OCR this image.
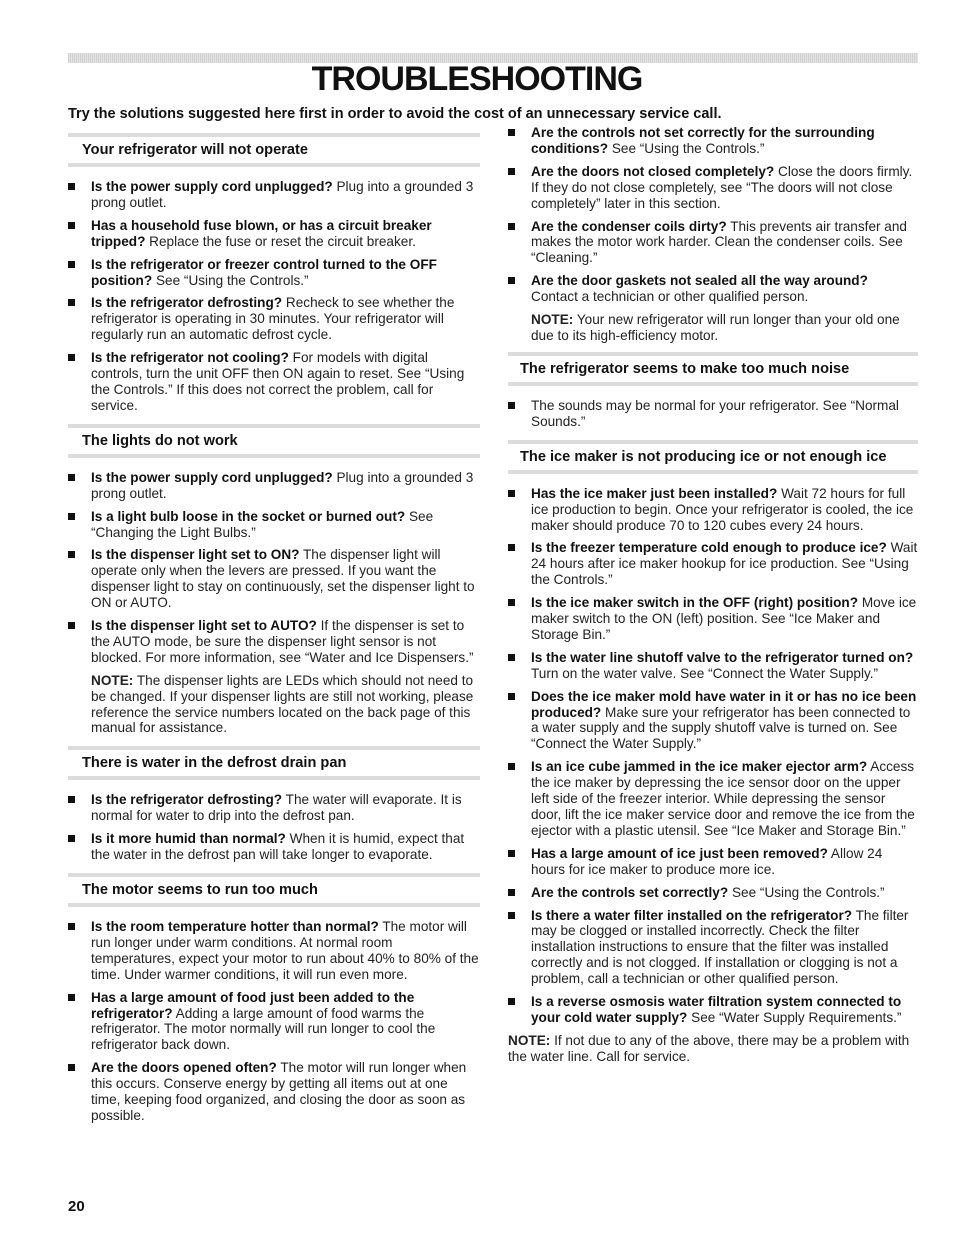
TROUBLESHOOTING

Try the solutions suggested here first in order to avoid the cost of an unnecessary service call.

Your refrigerator will not operate
Is the power supply cord unplugged? Plug into a grounded 3 prong outlet.
Has a household fuse blown, or has a circuit breaker tripped? Replace the fuse or reset the circuit breaker.
Is the refrigerator or freezer control turned to the OFF position? See “Using the Controls.”
Is the refrigerator defrosting? Recheck to see whether the refrigerator is operating in 30 minutes. Your refrigerator will regularly run an automatic defrost cycle.
Is the refrigerator not cooling? For models with digital controls, turn the unit OFF then ON again to reset. See “Using the Controls.” If this does not correct the problem, call for service.
The lights do not work
Is the power supply cord unplugged? Plug into a grounded 3 prong outlet.
Is a light bulb loose in the socket or burned out? See “Changing the Light Bulbs.”
Is the dispenser light set to ON? The dispenser light will operate only when the levers are pressed. If you want the dispenser light to stay on continuously, set the dispenser light to ON or AUTO.
Is the dispenser light set to AUTO? If the dispenser is set to the AUTO mode, be sure the dispenser light sensor is not blocked. For more information, see “Water and Ice Dispensers.”

NOTE: The dispenser lights are LEDs which should not need to be changed. If your dispenser lights are still not working, please reference the service numbers located on the back page of this manual for assistance.

There is water in the defrost drain pan
Is the refrigerator defrosting? The water will evaporate. It is normal for water to drip into the defrost pan.
Is it more humid than normal? When it is humid, expect that the water in the defrost pan will take longer to evaporate.
The motor seems to run too much
Is the room temperature hotter than normal? The motor will run longer under warm conditions. At normal room temperatures, expect your motor to run about 40% to 80% of the time. Under warmer conditions, it will run even more.
Has a large amount of food just been added to the refrigerator? Adding a large amount of food warms the refrigerator. The motor normally will run longer to cool the refrigerator back down.
Are the doors opened often? The motor will run longer when this occurs. Conserve energy by getting all items out at one time, keeping food organized, and closing the door as soon as possible.
Are the controls not set correctly for the surrounding conditions? See “Using the Controls.”
Are the doors not closed completely? Close the doors firmly. If they do not close completely, see “The doors will not close completely” later in this section.
Are the condenser coils dirty? This prevents air transfer and makes the motor work harder. Clean the condenser coils. See “Cleaning.”
Are the door gaskets not sealed all the way around? Contact a technician or other qualified person.

NOTE: Your new refrigerator will run longer than your old one due to its high-efficiency motor.

The refrigerator seems to make too much noise
The sounds may be normal for your refrigerator. See “Normal Sounds.”
The ice maker is not producing ice or not enough ice
Has the ice maker just been installed? Wait 72 hours for full ice production to begin. Once your refrigerator is cooled, the ice maker should produce 70 to 120 cubes every 24 hours.
Is the freezer temperature cold enough to produce ice? Wait 24 hours after ice maker hookup for ice production. See “Using the Controls.”
Is the ice maker switch in the OFF (right) position? Move ice maker switch to the ON (left) position. See “Ice Maker and Storage Bin.”
Is the water line shutoff valve to the refrigerator turned on? Turn on the water valve. See “Connect the Water Supply.”
Does the ice maker mold have water in it or has no ice been produced? Make sure your refrigerator has been connected to a water supply and the supply shutoff valve is turned on. See “Connect the Water Supply.”
Is an ice cube jammed in the ice maker ejector arm? Access the ice maker by depressing the ice sensor door on the upper left side of the freezer interior. While depressing the sensor door, lift the ice maker service door and remove the ice from the ejector with a plastic utensil. See “Ice Maker and Storage Bin.”
Has a large amount of ice just been removed? Allow 24 hours for ice maker to produce more ice.
Are the controls set correctly? See “Using the Controls.”
Is there a water filter installed on the refrigerator? The filter may be clogged or installed incorrectly. Check the filter installation instructions to ensure that the filter was installed correctly and is not clogged. If installation or clogging is not a problem, call a technician or other qualified person.
Is a reverse osmosis water filtration system connected to your cold water supply? See “Water Supply Requirements.”

NOTE: If not due to any of the above, there may be a problem with the water line. Call for service.

20
